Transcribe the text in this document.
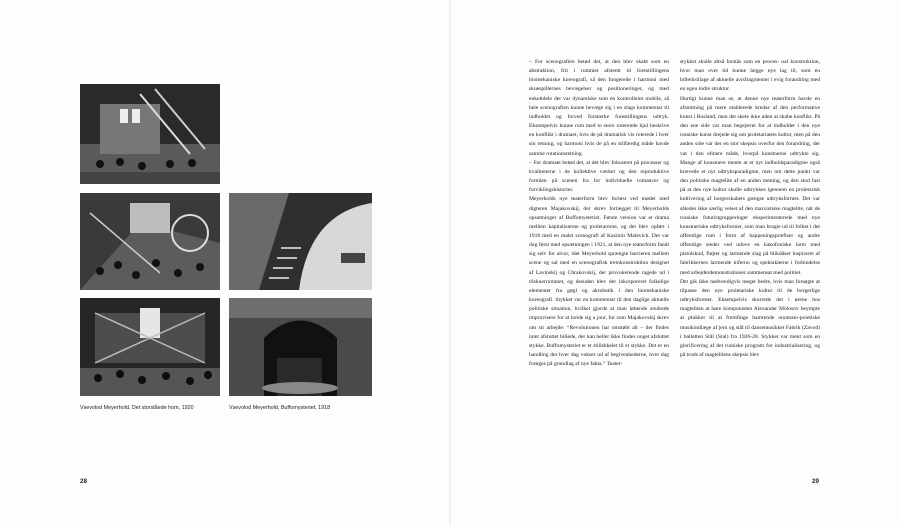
Vsevolod Meyerhold, Det storslåede hom, 1920	Vsevolod Meyerhold, Buffomysteriet, 1918
28	29

– For scenografien betød det, at den blev skabt som en abstraktion, frit i rummet afstemt til forestillingens biomekaniske koreografi, så den fungerede i harmoni med skuespillernes bevægelser og positioneringer, og med enkeltdele der var dynamiske som en kontrolleret mobile, så hele scenografien kunne bevæge sig i en slags kommentar til indholdet og forved forstærke forestillingens udtryk. Eksempelvis kunne rum med to store roterende hjul beskrive en konflikt i dramaet, hvis de på dramatisk vis roterede i hver sin retning, og harmoni hvis de på en stilfærdig måde havde samme rotationsretning.

– For dramaet betød det, at det blev fokuseret på processer og kvaliteterne i de kollektive værker og den reproduktive formlen på scenen fra for individuelle romancer og forviklingshistorier.

Meyerholds nye teaterform blev forløst ved mødet med digteren Majakovskij, der skrev forlægget til Meyerholds opsætninger af Buffomysteriet. Første version var et drama mellem kapitalisterne og proletarerne, og det blev opført i 1918 med en malet scenografi af Kazimir Malevich. Det var dog først med opsætningen i 1921, at den nye teaterform fandt sig selv for alvor, idet Meyerhold sprængte barrieren mellem scene og sal med en scenografisk tremkonstruktion designet af Lavinskij og Chrakovskij, der provokerende ragede ud i tilskuerrummet, og desuden blev der inkorporeret folkelige elementer fra gøgl og akrobatik i den biomekaniske koreografi. Stykket var en kommentar til den daglige aktuelle politiske situation, hvilket gjorde at man løbende ændrede improvisere for at holde sig a jour, for som Majakovskij skrev om sit arbejde: “Revolutionen har omstøbt alt – der findes intet afsluttet billede, der kan heller ikke findes noget afsluttet stykke. Buffomysteriet er et stillsbkelet til et stykke. Det er en handling der hver dag vokser ud af begivenhederne, hver dag forøges på grundlag af nye fakta.” Teater-

stykket skulle altså forstås som en proces- ual konstruktion, hvor man over tid kunne lægge nye lag til, som en billedcollage af aktuelle avisfragmenter i evig forandring med en egen indre struktur.

Hurtigt kunne man se, at denne nye teaterform havde en afsmitning på mere etablerede kredse af den performative kunst i Rusland, men det skete ikke uden at skabe konflikt. På den ene side var man begejstret for at indholdet i den nye russiske kunst drejede sig om proletariatets kultur, men på den anden side var der en stor skepsis overfor den forandring, der var i den elitære måde, hvorpå kunstnerne udtrykte sig. Mange af kunstnere mente at et nyt indholdsparadigme også krævede et nyt udtryksparadigme, men om dette punkt var den politiske magtelite af en anden mening, og den stod fast på at den nye kultur skulle udtrykkes igennem en proletarisk kultivering af borgerskabets gængse udtryksformer. Det var således ikke særlig velset af den marxistiske magtelite, når de russiske futuristgrupperinger eksperimenterede med nye kunstneriske udtryksformer, som man bragte ud til folket i det offentlige rum i form af happeningspræfiser og andre offentlige steder ved udove en kakofoniske larm med pistolskud, fløjter og larmende slag på blikdåser inspireret af fabrikkernes larmende inferno og spektaklerne i forbindelse med arbejderdemonstrationer sammensat med politiet.

Det gik ikke nødvendigvis meget bedre, hvis man forsøgte at tilpasse den nye proletariske kultur til de borgerlige udtryksformer. Eksempelvis skurrede det i ørene hos magteliten at høre komponisten Alexander Mólosov beympte at plukker til at fremfinge hamrende onomato-poietiske musikindlæge af jern og stål til dansemusikket Fabrik (Zavod) i balletten Stål (Stal) fra 1926-28. Stykket var ment som en glorificering af det russiske program for industrialisering, og på trods af magtelitens skepsis blev
